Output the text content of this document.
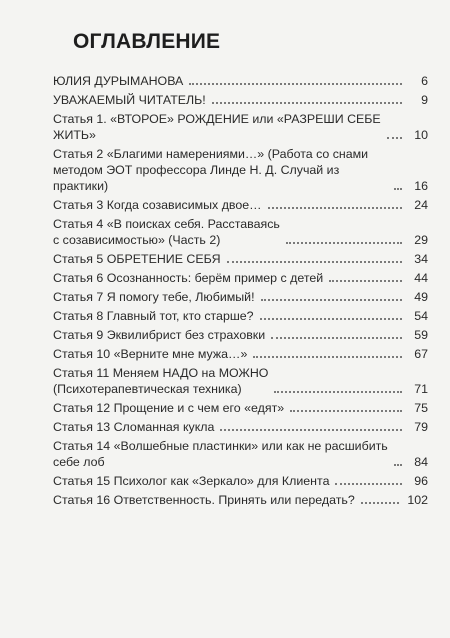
ОГЛАВЛЕНИЕ
ЮЛИЯ ДУРЫМАНОВА	6
УВАЖАЕМЫЙ ЧИТАТЕЛЬ!	9
Статья 1. «ВТОРОЕ» РОЖДЕНИЕ или «РАЗРЕШИ СЕБЕ
ЖИТЬ»	10
Статья 2 «Благими намерениями…» (Работа со снами
методом ЭОТ профессора Линде Н. Д. Случай из практики)	16
Статья 3 Когда созависимых двое…	24
Статья 4 «В поисках себя. Расставаясь
с созависимостью» (Часть 2)	29
Статья 5 ОБРЕТЕНИЕ СЕБЯ	34
Статья 6 Осознанность: берём пример с детей	44
Статья 7 Я помогу тебе, Любимый!	49
Статья 8 Главный тот, кто старше?	54
Статья 9 Эквилибрист без страховки	59
Статья 10 «Верните мне мужа…»	67
Статья 11 Меняем НАДО на МОЖНО
(Психотерапевтическая техника)	71
Статья 12 Прощение и с чем его «едят»	75
Статья 13 Сломанная кукла	79
Статья 14 «Волшебные пластинки» или как не расшибить
себе лоб	84
Статья 15 Психолог как «Зеркало» для Клиента	96
Статья 16 Ответственность. Принять или передать?	102
